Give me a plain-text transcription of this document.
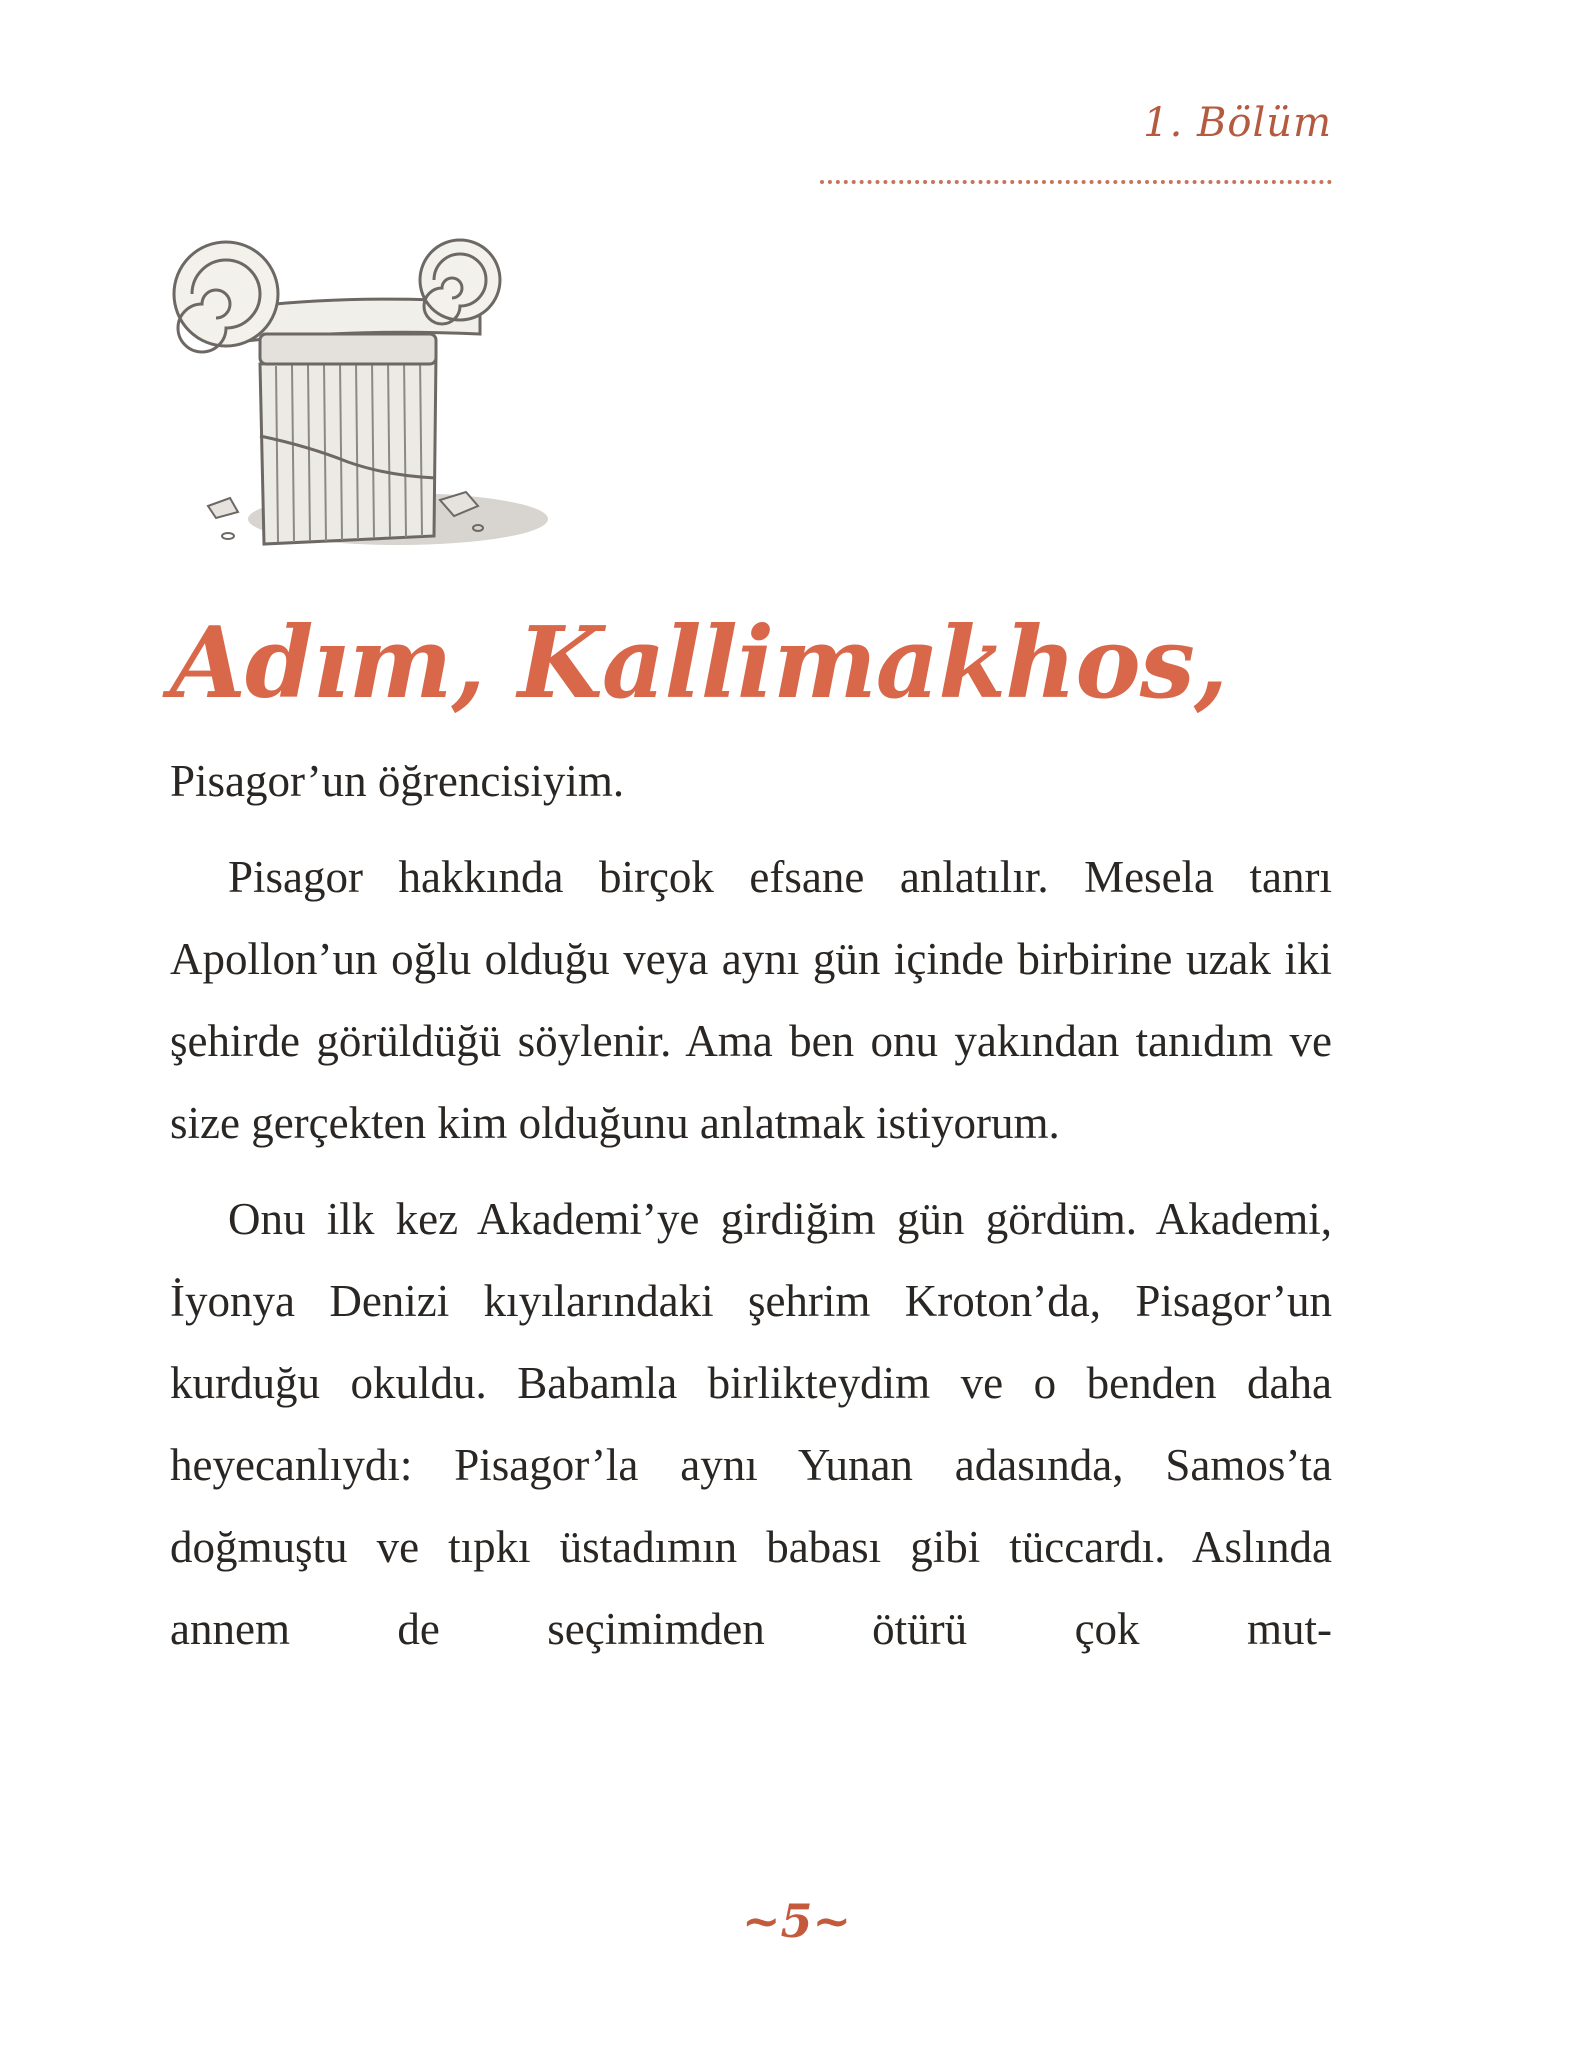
1. Bölüm
Adım, Kallimakhos,

Pisagor’un öğrencisiyim.

Pisagor hakkında birçok efsane anlatılır. Mesela tanrı Apollon’un oğlu olduğu veya aynı gün içinde birbirine uzak iki şehirde görüldüğü söylenir. Ama ben onu yakından tanıdım ve size gerçekten kim olduğunu anlatmak istiyorum.

Onu ilk kez Akademi’ye girdiğim gün gördüm. Akademi, İyonya Denizi kıyılarındaki şehrim Kroton’da, Pisagor’un kurduğu okuldu. Babamla birlikteydim ve o benden daha heyecanlıydı: Pisagor’la aynı Yunan adasında, Samos’ta doğmuştu ve tıpkı üstadımın babası gibi tüccardı. Aslında annem de seçimimden ötürü çok mut-

~5~
